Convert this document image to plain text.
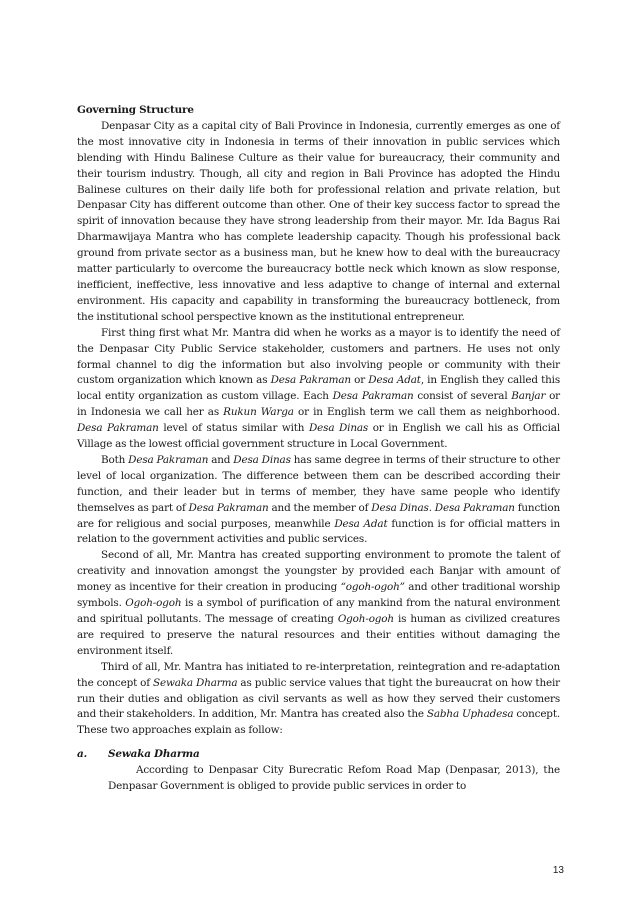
Governing Structure

Denpasar City as a capital city of Bali Province in Indonesia, currently emerges as one of the most innovative city in Indonesia in terms of their innovation in public services which blending with Hindu Balinese Culture as their value for bureaucracy, their community and their tourism industry. Though, all city and region in Bali Province has adopted the Hindu Balinese cultures on their daily life both for professional relation and private relation, but Denpasar City has different outcome than other. One of their key success factor to spread the spirit of innovation because they have strong leadership from their mayor. Mr. Ida Bagus Rai Dharmawijaya Mantra who has complete leadership capacity. Though his professional back ground from private sector as a business man, but he knew how to deal with the bureaucracy matter particularly to overcome the bureaucracy bottle neck which known as slow response, inefficient, ineffective, less innovative and less adaptive to change of internal and external environment. His capacity and capability in transforming the bureaucracy bottleneck, from the institutional school perspective known as the institutional entrepreneur.

First thing first what Mr. Mantra did when he works as a mayor is to identify the need of the Denpasar City Public Service stakeholder, customers and partners. He uses not only formal channel to dig the information but also involving people or community with their custom organization which known as Desa Pakraman or Desa Adat, in English they called this local entity organization as custom village. Each Desa Pakraman consist of several Banjar or in Indonesia we call her as Rukun Warga or in English term we call them as neighborhood. Desa Pakraman level of status similar with Desa Dinas or in English we call his as Official Village as the lowest official government structure in Local Government.

Both Desa Pakraman and Desa Dinas has same degree in terms of their structure to other level of local organization. The difference between them can be described according their function, and their leader but in terms of member, they have same people who identify themselves as part of Desa Pakraman and the member of Desa Dinas. Desa Pakraman function are for religious and social purposes, meanwhile Desa Adat function is for official matters in relation to the government activities and public services.

Second of all, Mr. Mantra has created supporting environment to promote the talent of creativity and innovation amongst the youngster by provided each Banjar with amount of money as incentive for their creation in producing “ogoh-ogoh” and other traditional worship symbols. Ogoh-ogoh is a symbol of purification of any mankind from the natural environment and spiritual pollutants. The message of creating Ogoh-ogoh is human as civilized creatures are required to preserve the natural resources and their entities without damaging the environment itself.

Third of all, Mr. Mantra has initiated to re-interpretation, reintegration and re-adaptation the concept of Sewaka Dharma as public service values that tight the bureaucrat on how their run their duties and obligation as civil servants as well as how they served their customers and their stakeholders. In addition, Mr. Mantra has created also the Sabha Uphadesa concept. These two approaches explain as follow:

a. Sewaka Dharma

According to Denpasar City Burecratic Refom Road Map (Denpasar, 2013), the Denpasar Government is obliged to provide public services in order to

13
